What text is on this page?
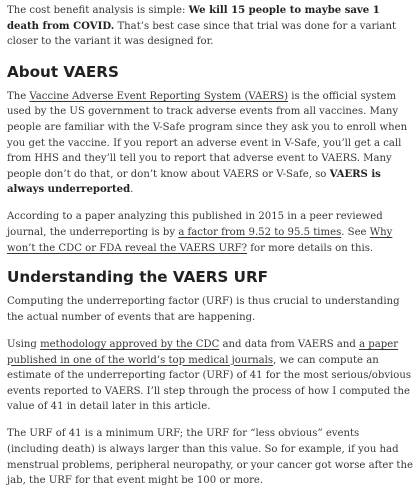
The cost benefit analysis is simple: We kill 15 people to maybe save 1 death from COVID. That’s best case since that trial was done for a variant closer to the variant it was designed for.

About VAERS

The Vaccine Adverse Event Reporting System (VAERS) is the official system used by the US government to track adverse events from all vaccines. Many people are familiar with the V-Safe program since they ask you to enroll when you get the vaccine. If you report an adverse event in V-Safe, you’ll get a call from HHS and they’ll tell you to report that adverse event to VAERS. Many people don’t do that, or don’t know about VAERS or V-Safe, so VAERS is always underreported.

According to a paper analyzing this published in 2015 in a peer reviewed journal, the underreporting is by a factor from 9.52 to 95.5 times. See Why won’t the CDC or FDA reveal the VAERS URF? for more details on this.

Understanding the VAERS URF

Computing the underreporting factor (URF) is thus crucial to understanding the actual number of events that are happening.

Using methodology approved by the CDC and data from VAERS and a paper published in one of the world’s top medical journals, we can compute an estimate of the underreporting factor (URF) of 41 for the most serious/obvious events reported to VAERS. I’ll step through the process of how I computed the value of 41 in detail later in this article.

The URF of 41 is a minimum URF; the URF for “less obvious” events (including death) is always larger than this value. So for example, if you had menstrual problems, peripheral neuropathy, or your cancer got worse after the jab, the URF for that event might be 100 or more.
